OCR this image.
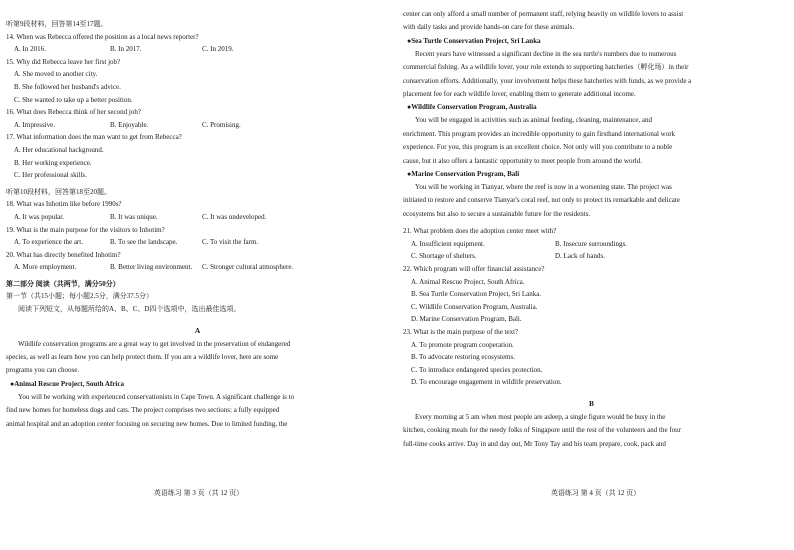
听第9段材料，回答第14至17题。
14. When was Rebecca offered the position as a local news reporter?
A. In 2016.	B. In 2017.	C. In 2019.
15. Why did Rebecca leave her first job?
A. She moved to another city.
B. She followed her husband's advice.
C. She wanted to take up a better position.
16. What does Rebecca think of her second job?
A. Impressive.	B. Enjoyable.	C. Promising.
17. What information does the man want to get from Rebecca?
A. Her educational background.
B. Her working experience.
C. Her professional skills.
听第10段材料，回答第18至20题。
18. What was Inhotim like before 1990s?
A. It was popular.	B. It was unique.	C. It was undeveloped.
19. What is the main purpose for the visitors to Inhotim?
A. To experience the art.	B. To see the landscape.	C. To visit the farm.
20. What has directly benefited Inhotim?
A. More employment.	B. Better living environment.	C. Stronger cultural atmosphere.
第二部分 阅读（共两节，满分50分）
第一节（共15小题；每小题2.5分，满分37.5分）
阅读下列短文，从每题所给的A、B、C、D四个选项中，选出最佳选项。
A
Wildlife conservation programs are a great way to get involved in the preservation of endangered
species, as well as learn how you can help protect them. If you are a wildlife lover, here are some
programs you can choose.
●Animal Rescue Project, South Africa
You will be working with experienced conservationists in Cape Town. A significant challenge is to
find new homes for homeless dogs and cats. The project comprises two sections: a fully equipped
animal hospital and an adoption center focusing on securing new homes. Due to limited funding, the
英语练习 第 3 页（共 12 页）
center can only afford a small number of permanent staff, relying heavily on wildlife lovers to assist
with daily tasks and provide hands-on care for these animals.
●Sea Turtle Conservation Project, Sri Lanka
Recent years have witnessed a significant decline in the sea turtle's numbers due to numerous
commercial fishing. As a wildlife lover, your role extends to supporting hatcheries（孵化场）in their
conservation efforts. Additionally, your involvement helps these hatcheries with funds, as we provide a
placement fee for each wildlife lover, enabling them to generate additional income.
●Wildlife Conservation Program, Australia
You will be engaged in activities such as animal feeding, cleaning, maintenance, and
enrichment. This program provides an incredible opportunity to gain firsthand international work
experience. For you, this program is an excellent choice. Not only will you contribute to a noble
cause, but it also offers a fantastic opportunity to meet people from around the world.
●Marine Conservation Program, Bali
You will be working in Tianyar, where the reef is now in a worsening state. The project was
initiated to restore and conserve Tianyar's coral reef, not only to protect its remarkable and delicate
ecosystems but also to secure a sustainable future for the residents.
21. What problem does the adoption center meet with?
A. Insufficient equipment.	B. Insecure surroundings.
C. Shortage of shelters.	D. Lack of hands.
22. Which program will offer financial assistance?
A. Animal Rescue Project, South Africa.
B. Sea Turtle Conservation Project, Sri Lanka.
C. Wildlife Conservation Program, Australia.
D. Marine Conservation Program, Bali.
23. What is the main purpose of the text?
A. To promote program cooperation.
B. To advocate restoring ecosystems.
C. To introduce endangered species protection.
D. To encourage engagement in wildlife preservation.
B
Every morning at 5 am when most people are asleep, a single figure would be busy in the
kitchen, cooking meals for the needy folks of Singapore until the rest of the volunteers and the four
full-time cooks arrive. Day in and day out, Mr Tony Tay and his team prepare, cook, pack and
英语练习 第 4 页（共 12 页）
